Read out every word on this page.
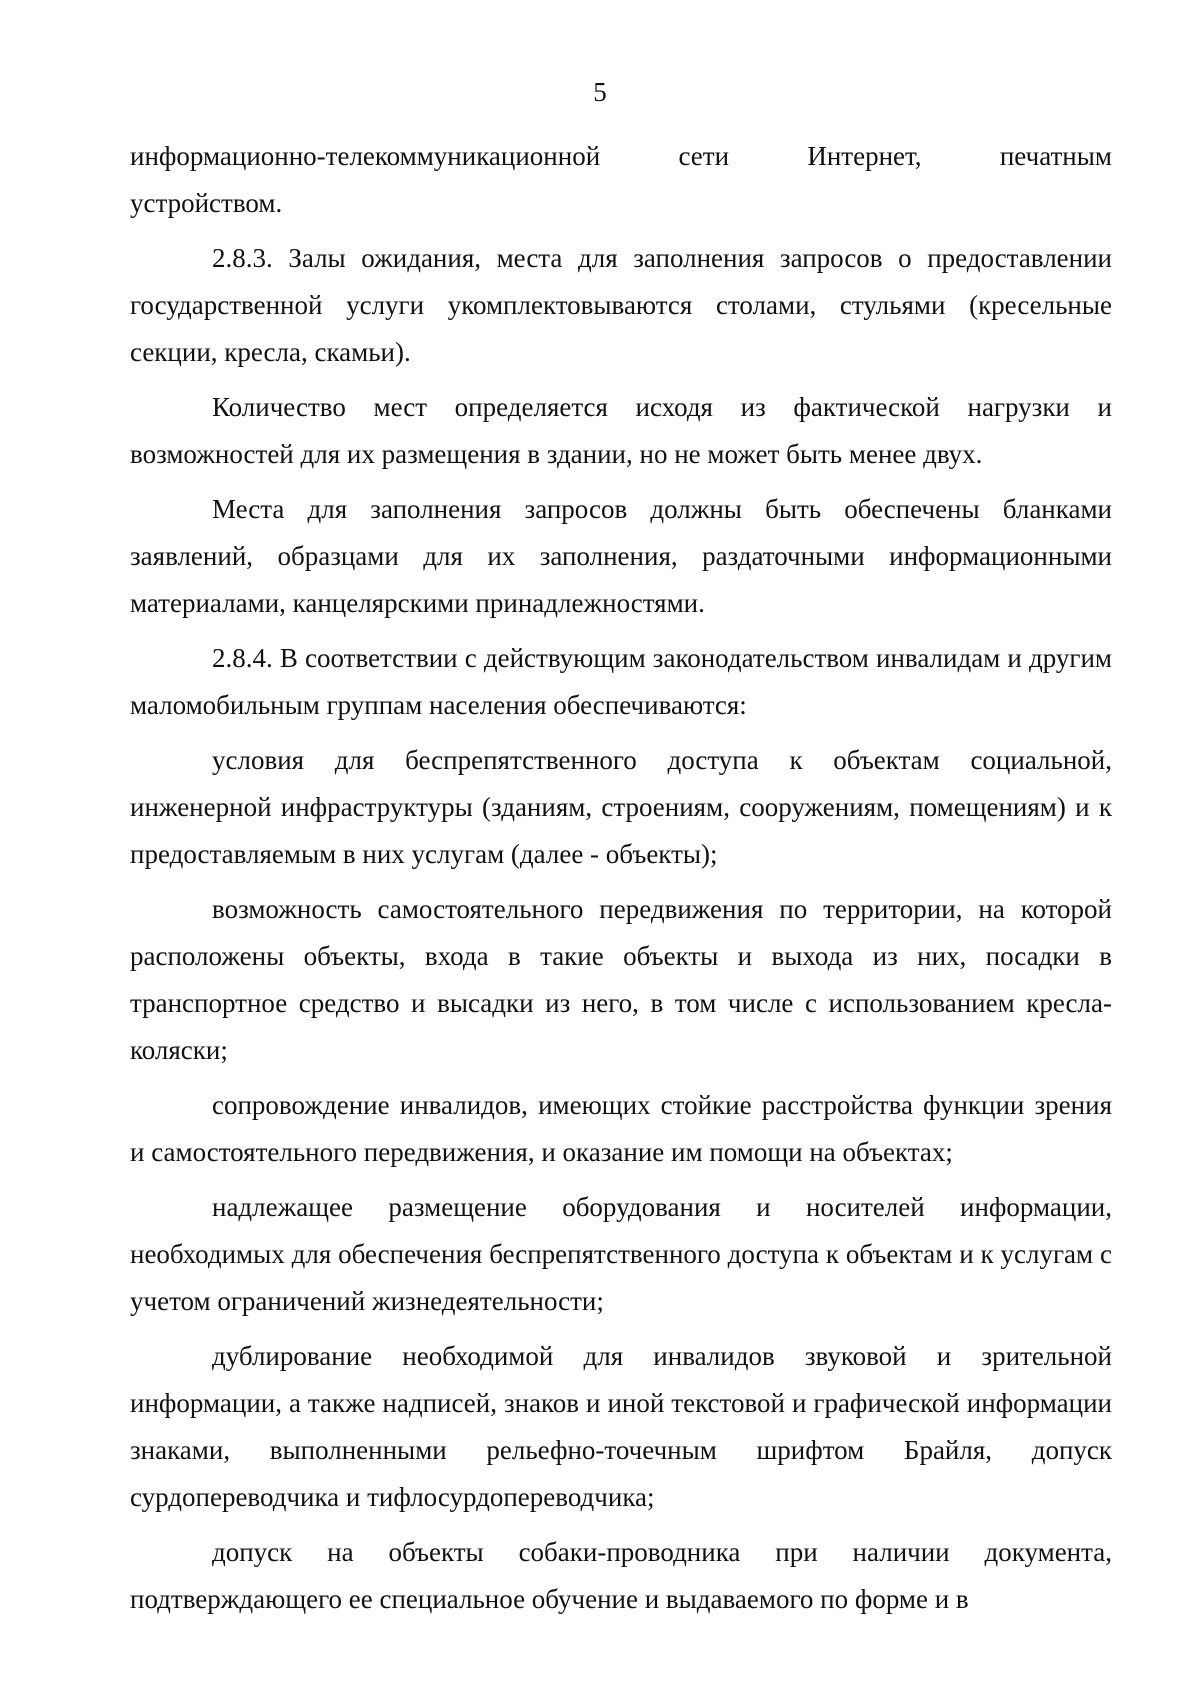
5
информационно-телекоммуникационной	сети	Интернет,	печатным

устройством.

2.8.3. Залы ожидания, места для заполнения запросов о предоставлении государственной услуги укомплектовываются столами, стульями (кресельные секции, кресла, скамьи).

Количество мест определяется исходя из фактической нагрузки и возможностей для их размещения в здании, но не может быть менее двух.

Места для заполнения запросов должны быть обеспечены бланками заявлений, образцами для их заполнения, раздаточными информационными материалами, канцелярскими принадлежностями.

2.8.4. В соответствии с действующим законодательством инвалидам и другим маломобильным группам населения обеспечиваются:

условия для беспрепятственного доступа к объектам социальной, инженерной инфраструктуры (зданиям, строениям, сооружениям, помещениям) и к предоставляемым в них услугам (далее - объекты);

возможность самостоятельного передвижения по территории, на которой расположены объекты, входа в такие объекты и выхода из них, посадки в транспортное средство и высадки из него, в том числе с использованием кресла-коляски;

сопровождение инвалидов, имеющих стойкие расстройства функции зрения и самостоятельного передвижения, и оказание им помощи на объектах;

надлежащее размещение оборудования и носителей информации, необходимых для обеспечения беспрепятственного доступа к объектам и к услугам с учетом ограничений жизнедеятельности;

дублирование необходимой для инвалидов звуковой и зрительной информации, а также надписей, знаков и иной текстовой и графической информации знаками, выполненными рельефно-точечным шрифтом Брайля, допуск сурдопереводчика и тифлосурдопереводчика;

допуск на объекты собаки-проводника при наличии документа, подтверждающего ее специальное обучение и выдаваемого по форме и в
